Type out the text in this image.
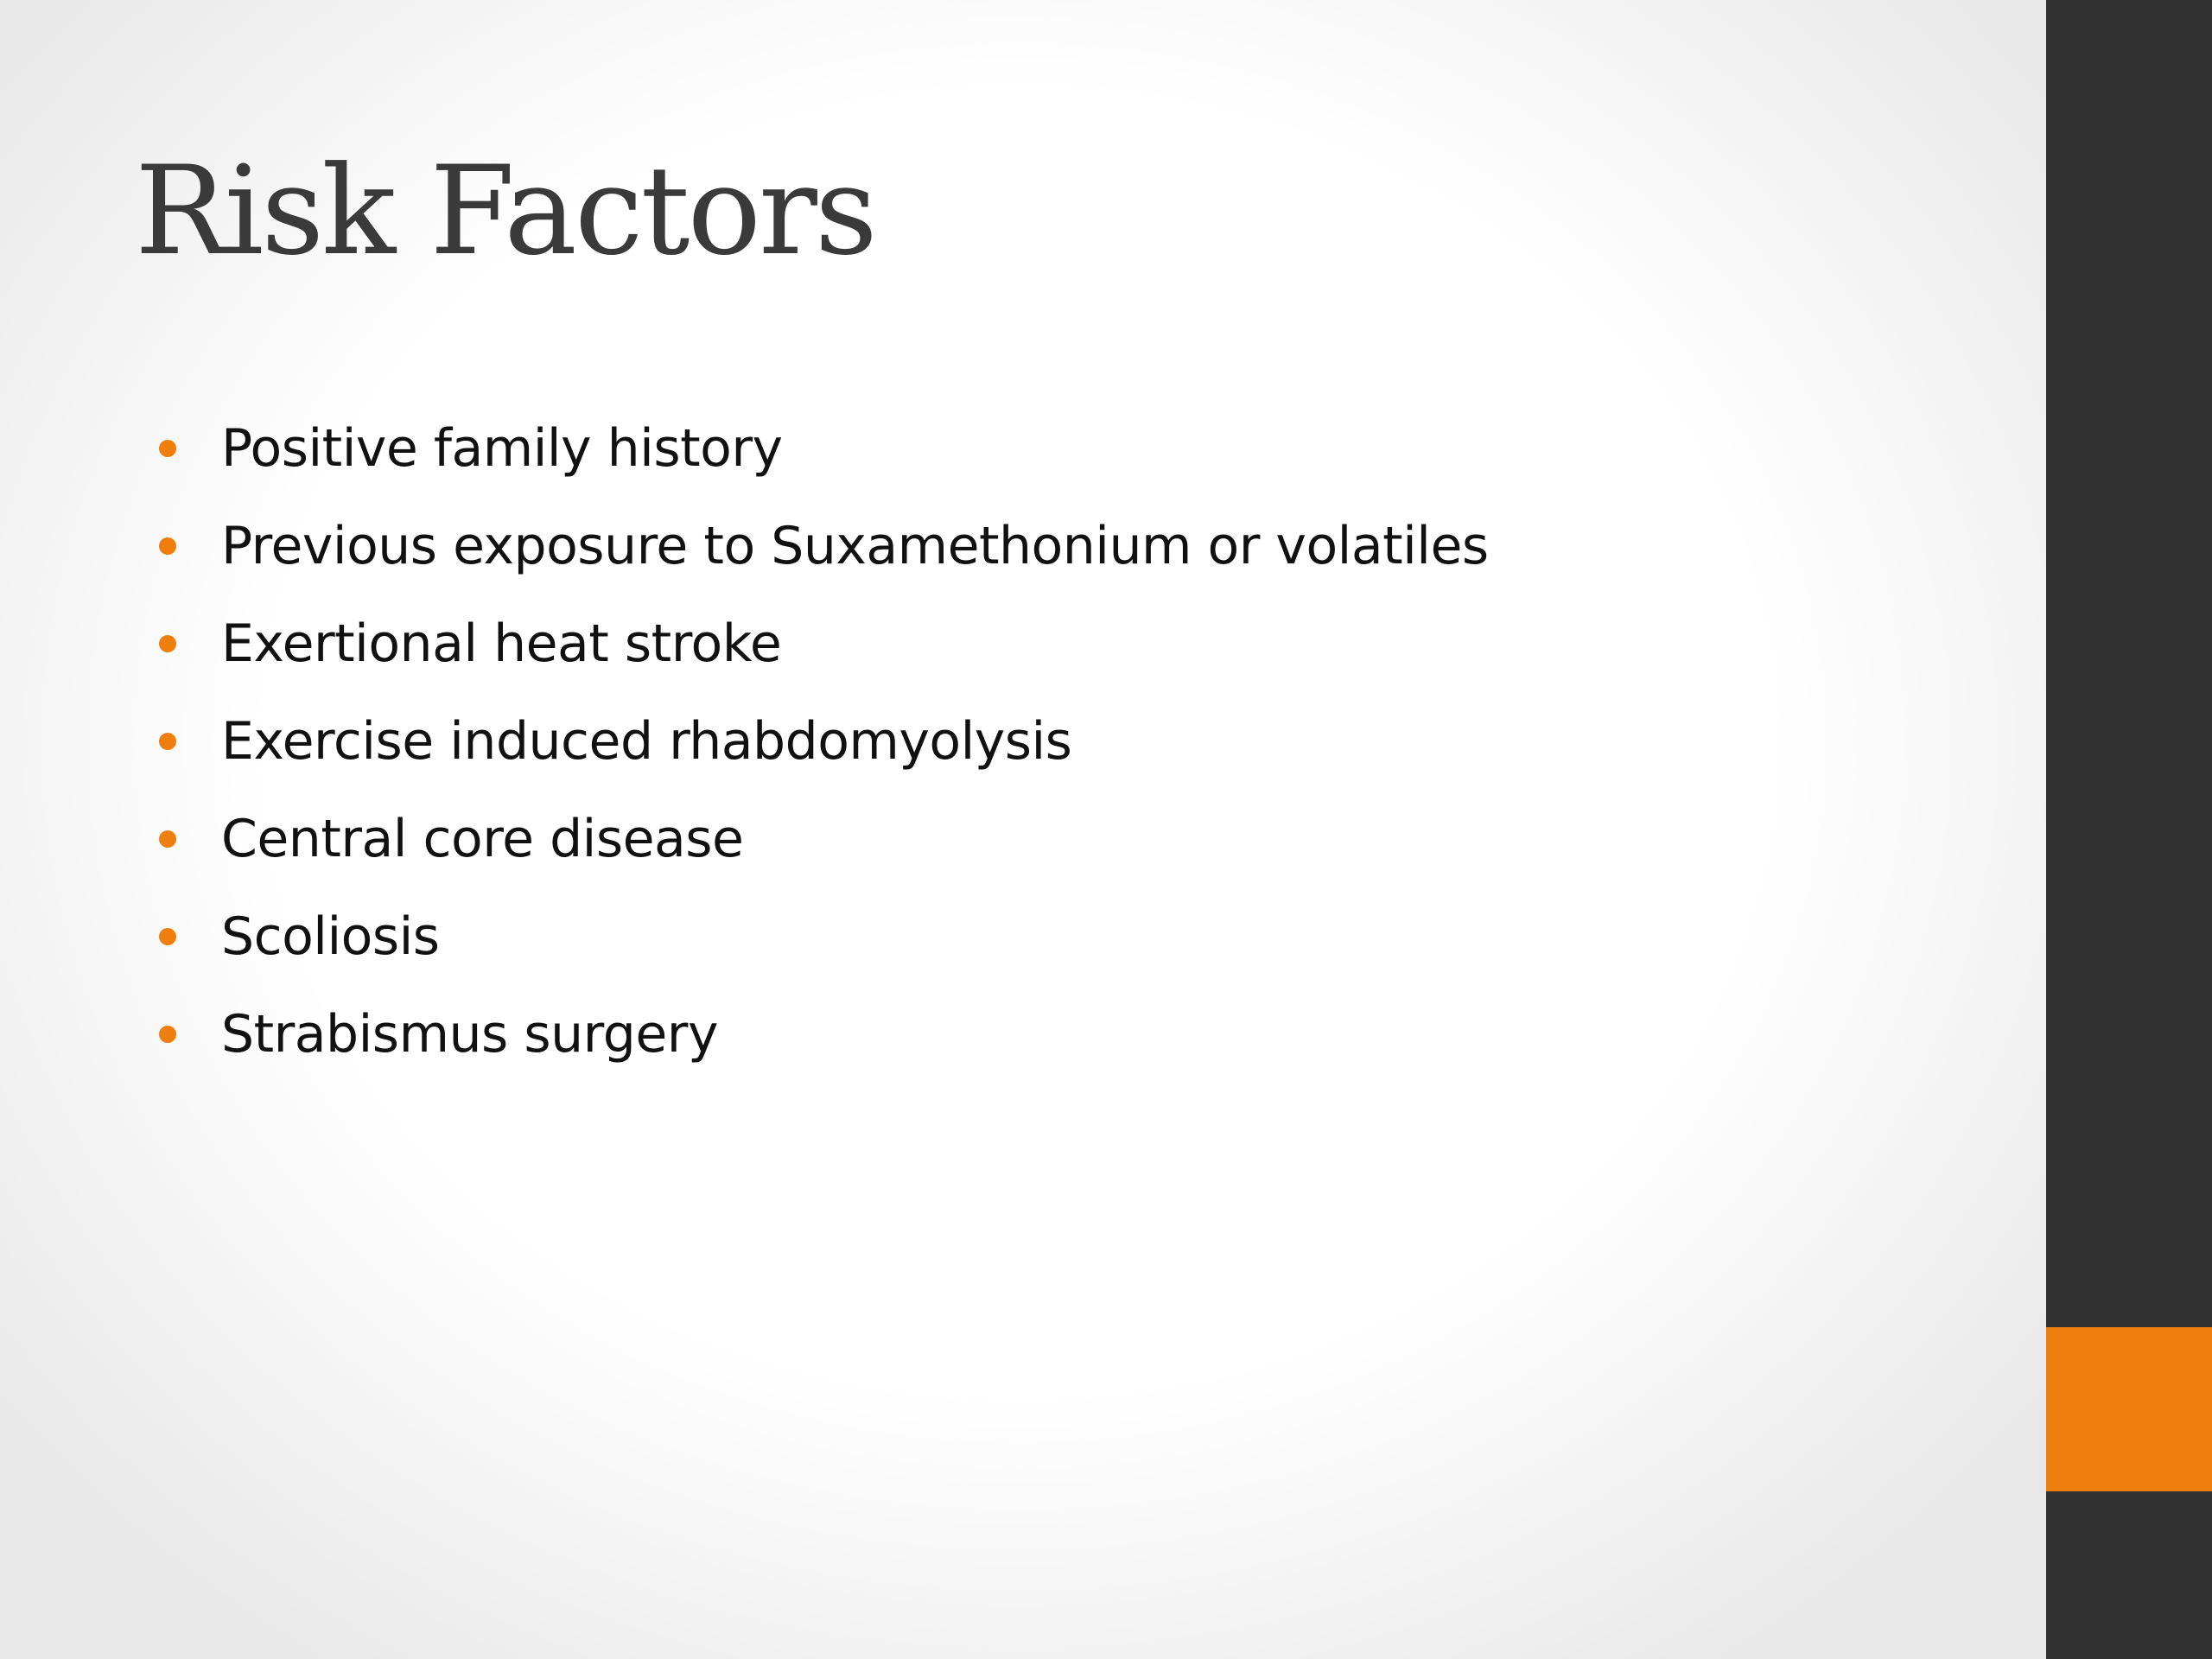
Risk Factors
Positive family history
Previous exposure to Suxamethonium or volatiles
Exertional heat stroke
Exercise induced rhabdomyolysis
Central core disease
Scoliosis
Strabismus surgery
